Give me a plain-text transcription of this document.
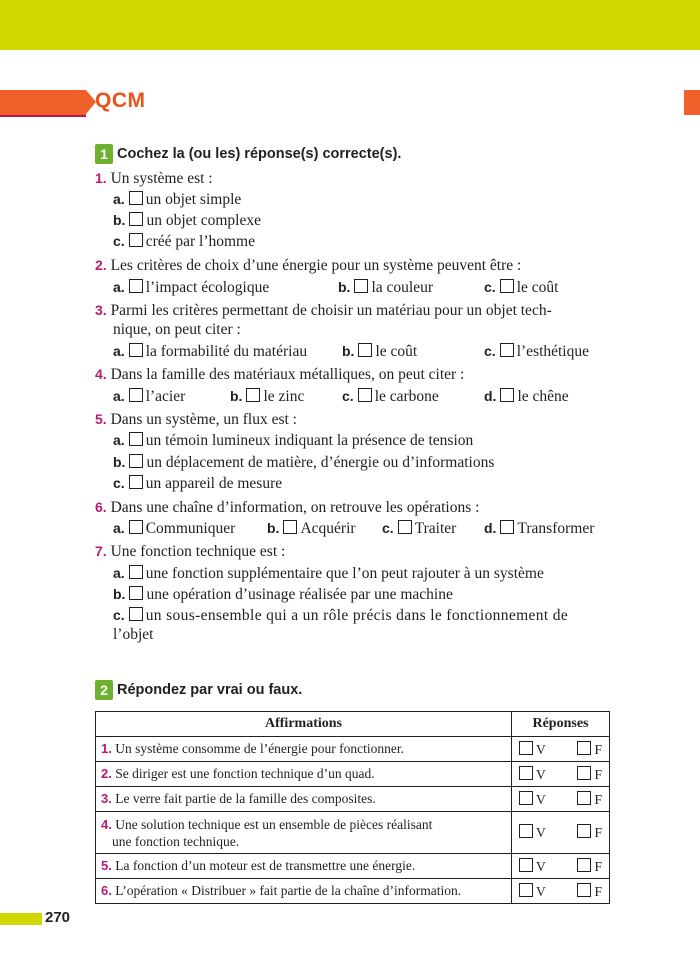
QCM
1 Cochez la (ou les) réponse(s) correcte(s).
1. Un système est :
a. un objet simple
b. un objet complexe
c. créé par l’homme
2. Les critères de choix d’une énergie pour un système peuvent être :
a. l’impact écologique	b. la couleur	c. le coût
3. Parmi les critères permettant de choisir un matériau pour un objet tech-
nique, on peut citer :
a. la formabilité du matériau b. le coût	c. l’esthétique
4. Dans la famille des matériaux métalliques, on peut citer :
a. l’acier	b. le zinc	c. le carbone	d. le chêne
5. Dans un système, un flux est :
a. un témoin lumineux indiquant la présence de tension
b. un déplacement de matière, d’énergie ou d’informations
c. un appareil de mesure
6. Dans une chaîne d’information, on retrouve les opérations :
a. Communiquer b. Acquérir c. Traiter d. Transformer
7. Une fonction technique est :
a. une fonction supplémentaire que l’on peut rajouter à un système
b. une opération d’usinage réalisée par une machine
c. un sous-ensemble qui a un rôle précis dans le fonctionnement de
l’objet
2 Répondez par vrai ou faux.
Affirmations	Réponses
1. Un système consomme de l’énergie pour fonctionner.	V F

2. Se diriger est une fonction technique d’un quad.	V F

3. Le verre fait partie de la famille des composites.	V F

4. Une solution technique est un ensemble de pièces réalisant
une fonction technique.	V F

5. La fonction d’un moteur est de transmettre une énergie.	V F

6. L’opération « Distribuer » fait partie de la chaîne d’information.	V F
270
